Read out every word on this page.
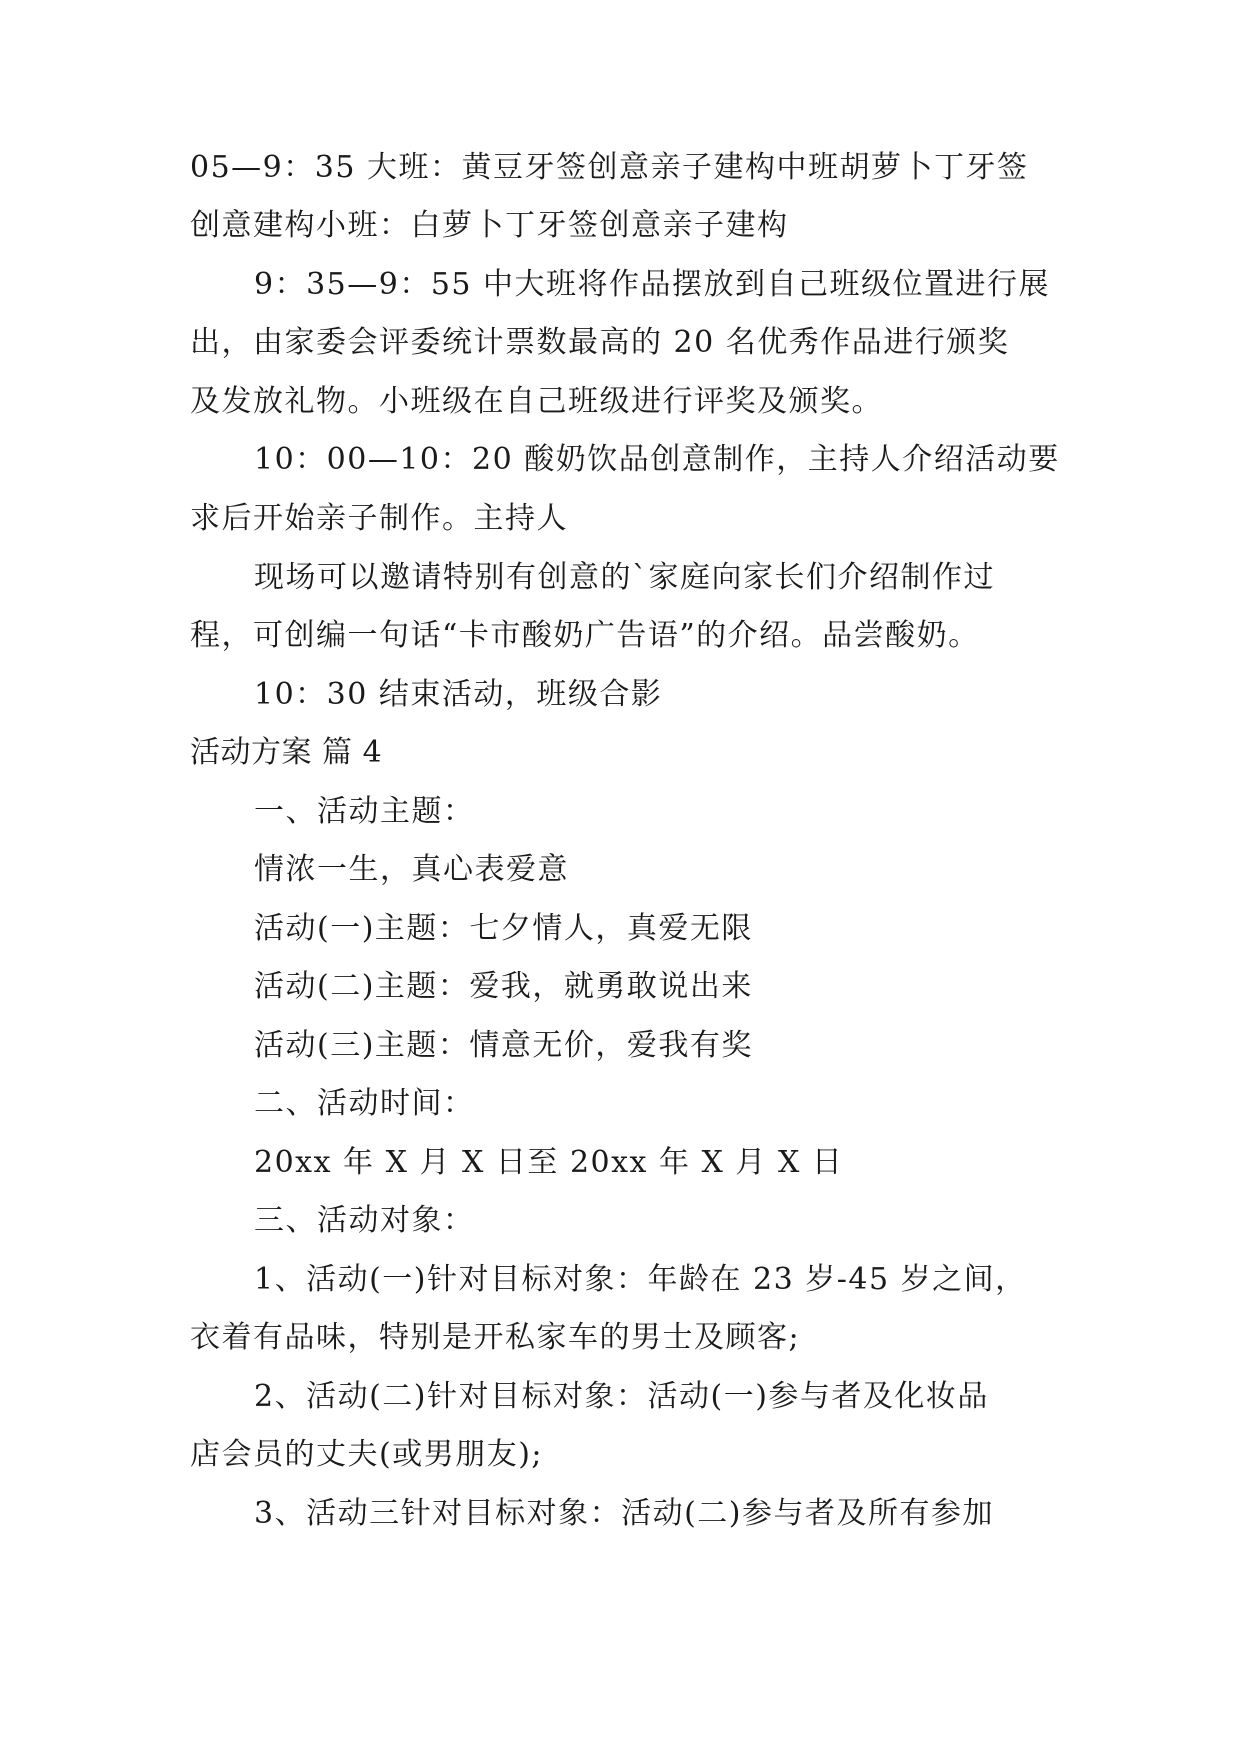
05—9：35 大班：黄豆牙签创意亲子建构中班胡萝卜丁牙签
创意建构小班：白萝卜丁牙签创意亲子建构
9：35—9：55 中大班将作品摆放到自己班级位置进行展
出，由家委会评委统计票数最高的 20 名优秀作品进行颁奖
及发放礼物。小班级在自己班级进行评奖及颁奖。
10：00—10：20 酸奶饮品创意制作，主持人介绍活动要
求后开始亲子制作。主持人
现场可以邀请特别有创意的`家庭向家长们介绍制作过
程，可创编一句话“卡市酸奶广告语”的介绍。品尝酸奶。
10：30 结束活动，班级合影
活动方案 篇 4
一、活动主题：
情浓一生，真心表爱意
活动(一)主题：七夕情人，真爱无限
活动(二)主题：爱我，就勇敢说出来
活动(三)主题：情意无价，爱我有奖
二、活动时间：
20xx 年 X 月 X 日至 20xx 年 X 月 X 日
三、活动对象：
1、活动(一)针对目标对象：年龄在 23 岁-45 岁之间，
衣着有品味，特别是开私家车的男士及顾客;
2、活动(二)针对目标对象：活动(一)参与者及化妆品
店会员的丈夫(或男朋友);
3、活动三针对目标对象：活动(二)参与者及所有参加
